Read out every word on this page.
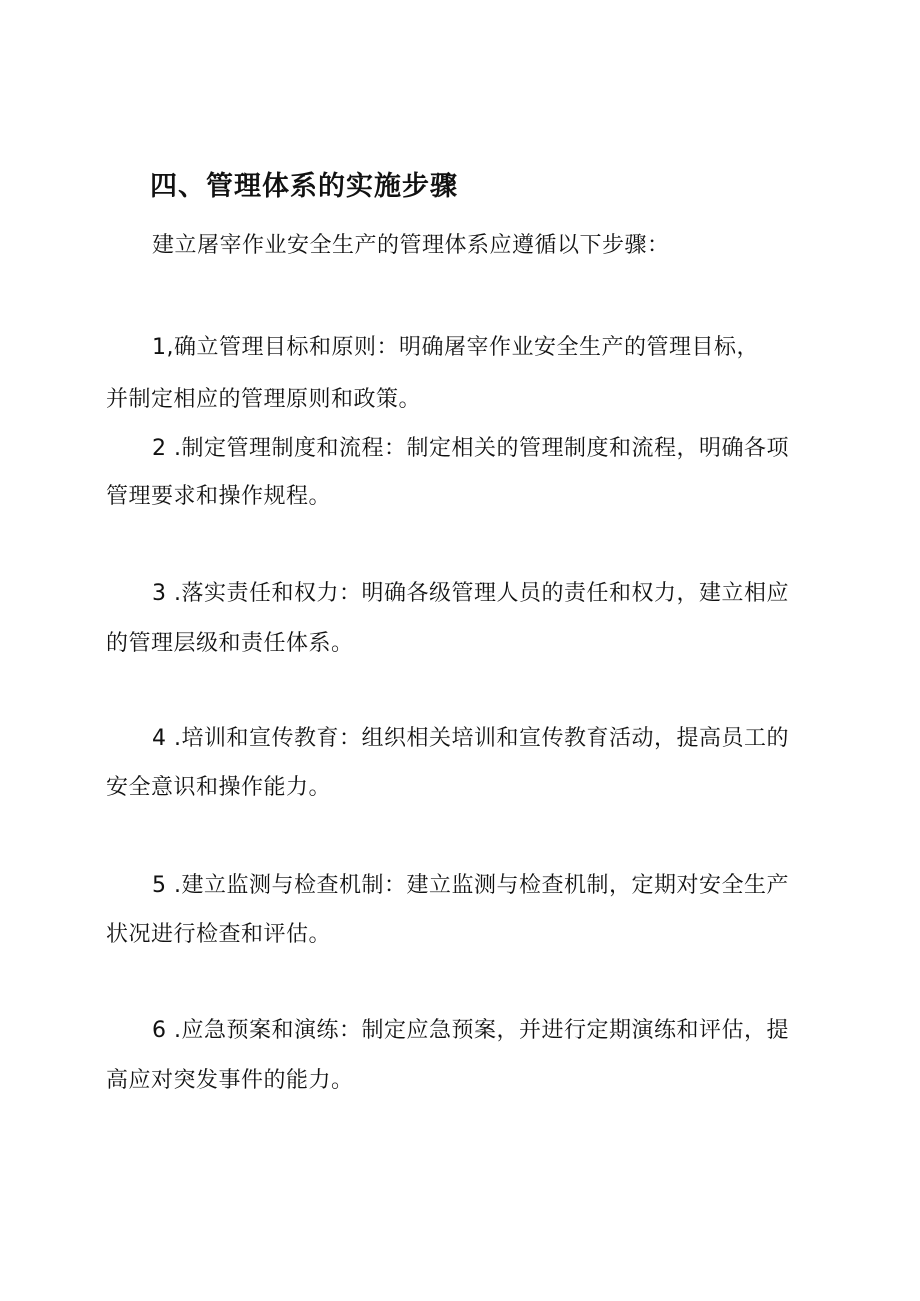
四、管理体系的实施步骤
建立屠宰作业安全生产的管理体系应遵循以下步骤：
1,确立管理目标和原则：明确屠宰作业安全生产的管理目标，
并制定相应的管理原则和政策。
2 .制定管理制度和流程：制定相关的管理制度和流程，明确各项
管理要求和操作规程。
3 .落实责任和权力：明确各级管理人员的责任和权力，建立相应
的管理层级和责任体系。
4 .培训和宣传教育：组织相关培训和宣传教育活动，提高员工的
安全意识和操作能力。
5 .建立监测与检查机制：建立监测与检查机制，定期对安全生产
状况进行检查和评估。
6 .应急预案和演练：制定应急预案，并进行定期演练和评估，提
高应对突发事件的能力。
